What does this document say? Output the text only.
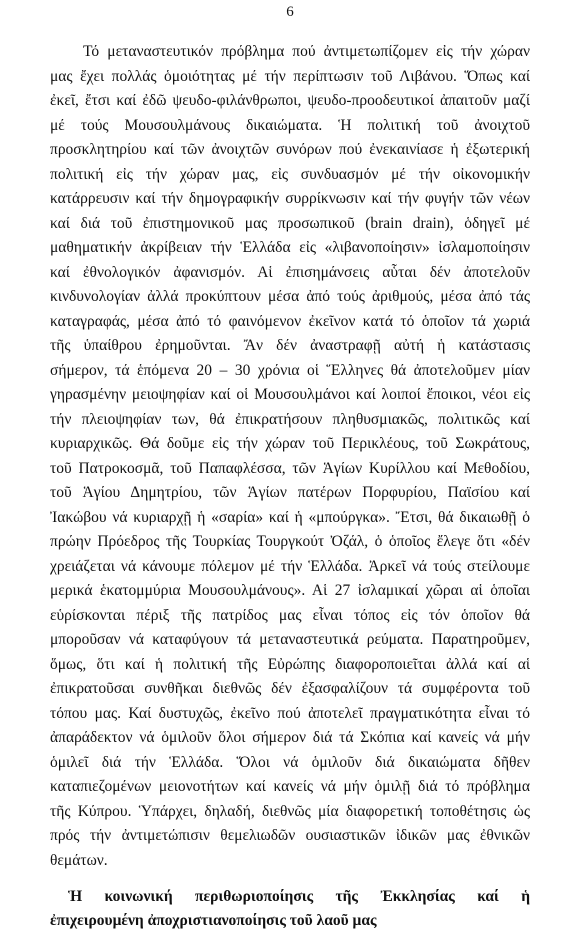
6
Τό μεταναστευτικόν πρόβλημα πού ἀντιμετωπίζομεν εἰς τήν χώραν
μας ἔχει πολλάς ὁμοιότητας μέ τήν περίπτωσιν τοῦ Λιβάνου. Ὅπως καί
ἐκεῖ, ἔτσι καί ἐδῶ ψευδο-φιλάνθρωποι, ψευδο-προοδευτικοί ἀπαιτοῦν μαζί
μέ τούς Μουσουλμάνους δικαιώματα. Ἡ πολιτική τοῦ ἀνοιχτοῦ
προσκλητηρίου καί τῶν ἀνοιχτῶν συνόρων πού ἐνεκαινίασε ἡ ἐξωτερική
πολιτική εἰς τήν χώραν μας, εἰς συνδυασμόν μέ τήν οἰκονομικήν
κατάρρευσιν καί τήν δημογραφικήν συρρίκνωσιν καί τήν φυγήν τῶν νέων
καί διά τοῦ ἐπιστημονικοῦ μας προσωπικοῦ (brain drain), ὁδηγεῖ μέ
μαθηματικήν ἀκρίβειαν τήν Ἑλλάδα εἰς «λιβανοποίησιν» ἰσλαμοποίησιν
καί ἐθνολογικόν ἀφανισμόν. Αἱ ἐπισημάνσεις αὗται δέν ἀποτελοῦν
κινδυνολογίαν ἀλλά προκύπτουν μέσα ἀπό τούς ἀριθμούς, μέσα ἀπό τάς
καταγραφάς, μέσα ἀπό τό φαινόμενον ἐκεῖνον κατά τό ὁποῖον τά χωριά
τῆς ὑπαίθρου ἐρημοῦνται. Ἄν δέν ἀναστραφῇ αὐτή ἡ κατάστασις
σήμερον, τά ἑπόμενα 20 – 30 χρόνια οἱ Ἕλληνες θά ἀποτελοῦμεν μίαν
γηρασμένην μειοψηφίαν καί οἱ Μουσουλμάνοι καί λοιποί ἔποικοι, νέοι εἰς
τήν πλειοψηφίαν των, θά ἐπικρατήσουν πληθυσμιακῶς, πολιτικῶς καί
κυριαρχικῶς. Θά δοῦμε εἰς τήν χώραν τοῦ Περικλέους, τοῦ Σωκράτους,
τοῦ Πατροκοσμᾶ, τοῦ Παπαφλέσσα, τῶν Ἁγίων Κυρίλλου καί Μεθοδίου,
τοῦ Ἁγίου Δημητρίου, τῶν Ἁγίων πατέρων Πορφυρίου, Παϊσίου καί
Ἰακώβου νά κυριαρχῇ ἡ «σαρία» καί ἡ «μπούργκα». Ἔτσι, θά δικαιωθῇ ὁ
πρώην Πρόεδρος τῆς Τουρκίας Τουργκούτ Ὀζάλ, ὁ ὁποῖος ἔλεγε ὅτι «δέν
χρειάζεται νά κάνουμε πόλεμον μέ τήν Ἑλλάδα. Ἀρκεῖ νά τούς στείλουμε
μερικά ἑκατομμύρια Μουσουλμάνους». Αἱ 27 ἰσλαμικαί χῶραι αἱ ὁποῖαι
εὑρίσκονται πέριξ τῆς πατρίδος μας εἶναι τόπος εἰς τόν ὁποῖον θά
μποροῦσαν νά καταφύγουν τά μεταναστευτικά ρεύματα. Παρατηροῦμεν,
ὅμως, ὅτι καί ἡ πολιτική τῆς Εὐρώπης διαφοροποιεῖται ἀλλά καί αἱ
ἐπικρατοῦσαι συνθῆκαι διεθνῶς δέν ἐξασφαλίζουν τά συμφέροντα τοῦ
τόπου μας. Καί δυστυχῶς, ἐκεῖνο πού ἀποτελεῖ πραγματικότητα εἶναι τό
ἀπαράδεκτον νά ὁμιλοῦν ὅλοι σήμερον διά τά Σκόπια καί κανείς νά μήν
ὁμιλεῖ διά τήν Ἑλλάδα. Ὅλοι νά ὁμιλοῦν διά δικαιώματα δῆθεν
καταπιεζομένων μειονοτήτων καί κανείς νά μήν ὁμιλῇ διά τό πρόβλημα
τῆς Κύπρου. Ὑπάρχει, δηλαδή, διεθνῶς μία διαφορετική τοποθέτησις ὡς
πρός τήν ἀντιμετώπισιν θεμελιωδῶν ουσιαστικῶν ἰδικῶν μας ἐθνικῶν
θεμάτων.
Ἡ κοινωνική περιθωριοποίησις τῆς Ἐκκλησίας καί ἡ
ἐπιχειρουμένη ἀποχριστιανοποίησις τοῦ λαοῦ μας
